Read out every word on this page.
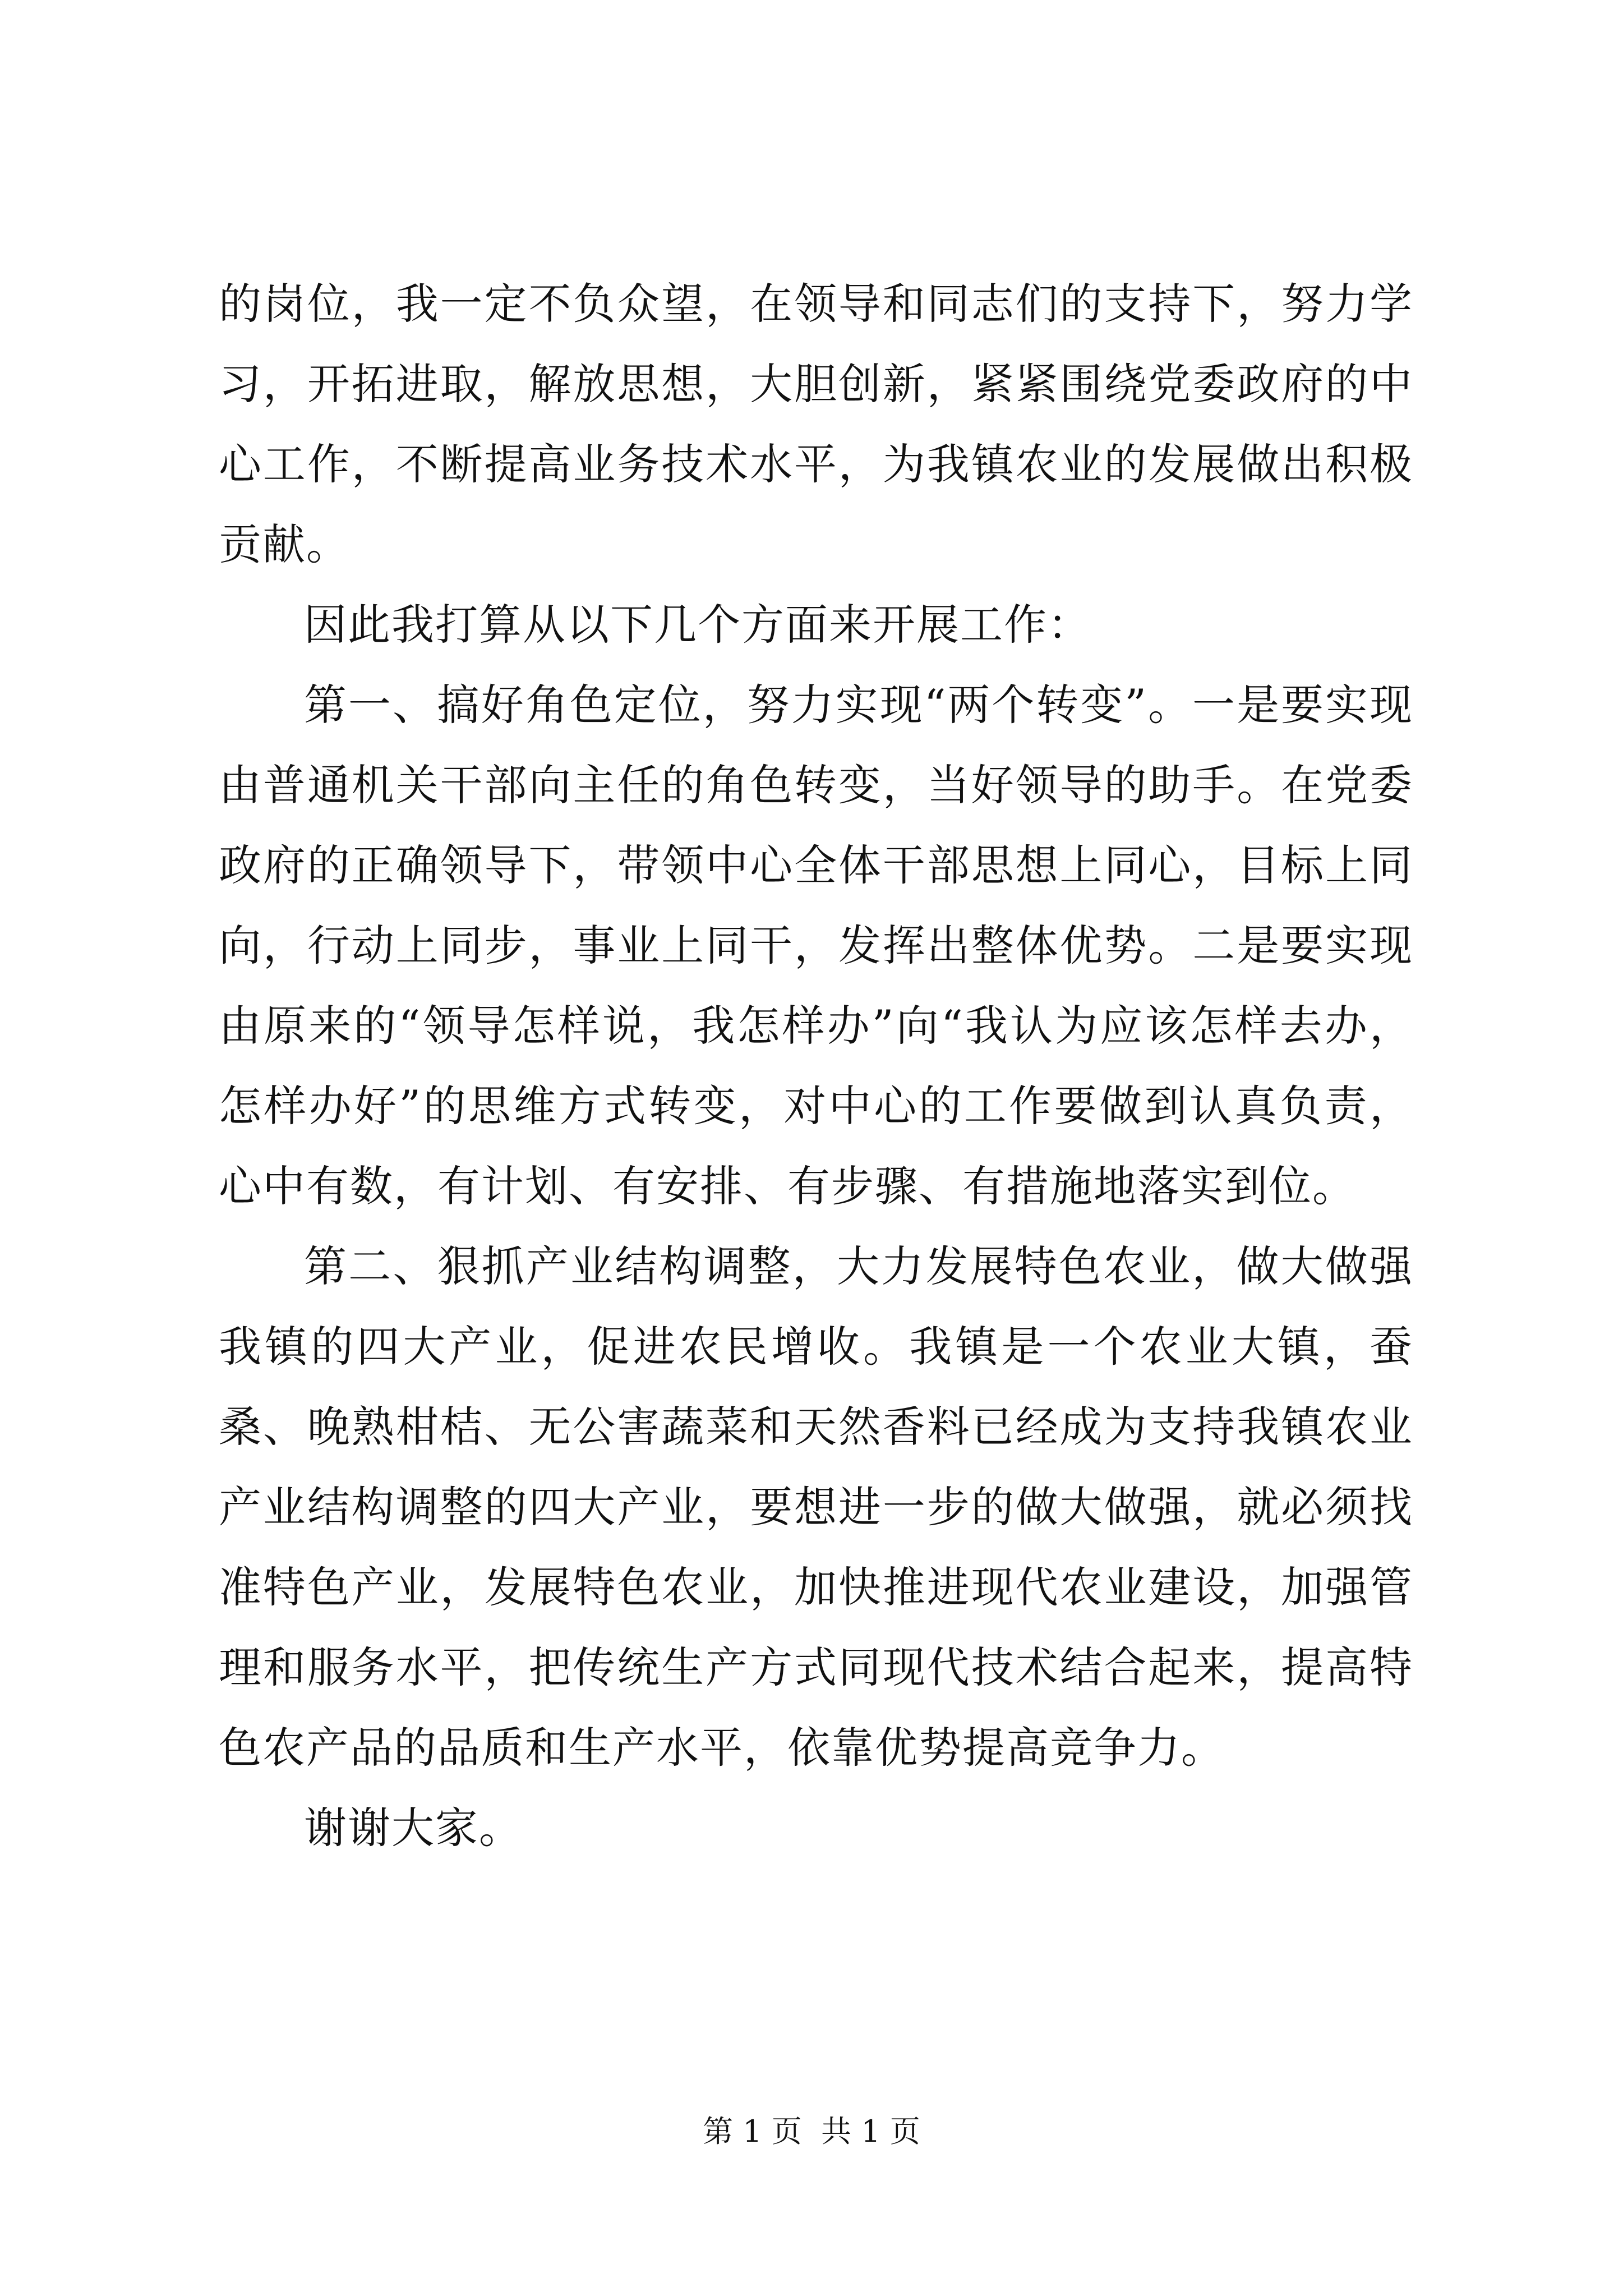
的岗位，我一定不负众望，在领导和同志们的支持下，努力学习，开拓进取，解放思想，大胆创新，紧紧围绕党委政府的中心工作，不断提高业务技术水平，为我镇农业的发展做出积极贡献。

因此我打算从以下几个方面来开展工作：

第一、搞好角色定位，努力实现“两个转变”。一是要实现由普通机关干部向主任的角色转变，当好领导的助手。在党委政府的正确领导下，带领中心全体干部思想上同心，目标上同向，行动上同步，事业上同干，发挥出整体优势。二是要实现由原来的“领导怎样说，我怎样办”向“我认为应该怎样去办，怎样办好”的思维方式转变，对中心的工作要做到认真负责，心中有数，有计划、有安排、有步骤、有措施地落实到位。

第二、狠抓产业结构调整，大力发展特色农业，做大做强我镇的四大产业，促进农民增收。我镇是一个农业大镇，蚕桑、晚熟柑桔、无公害蔬菜和天然香料已经成为支持我镇农业产业结构调整的四大产业，要想进一步的做大做强，就必须找准特色产业，发展特色农业，加快推进现代农业建设，加强管理和服务水平，把传统生产方式同现代技术结合起来，提高特色农产品的品质和生产水平，依靠优势提高竞争力。

谢谢大家。

第 1 页  共 1 页
